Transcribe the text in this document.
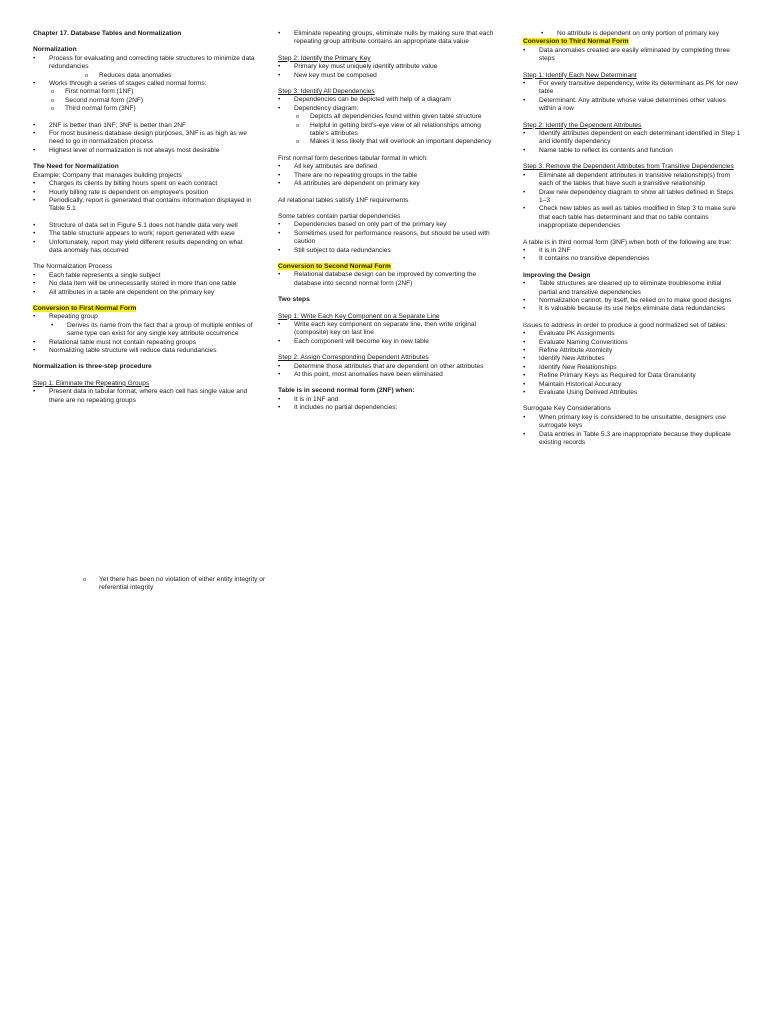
Chapter 17. Database Tables and Normalization

Normalization

• Process for evaluating and correcting table structures to minimize data redundancies
o Reduces data anomalies
• Works through a series of stages called normal forms:
o First normal form (1NF)
o Second normal form (2NF)
o Third normal form (3NF)
• 2NF is better than 1NF; 3NF is better than 2NF
• For most business database design purposes, 3NF is as high as we need to go in normalization process
• Highest level of normalization is not always most desirable

The Need for Normalization

Example: Company that manages building projects

• Charges its clients by billing hours spent on each contract
• Hourly billing rate is dependent on employee's position
• Periodically, report is generated that contains information displayed in Table 5.1
• Structure of data set in Figure 5.1 does not handle data very well
• The table structure appears to work; report generated with ease
• Unfortunately, report may yield different results depending on what data anomaly has occurred

The Normalization Process

• Each table represents a single subject
• No data item will be unnecessarily stored in more than one table
• All attributes in a table are dependent on the primary key

Conversion to First Normal Form

• Repeating group
• Derives its name from the fact that a group of multiple entries of same type can exist for any single key attribute occurrence
• Relational table must not contain repeating groups
• Normalizing table structure will reduce data redundancies

Normalization is three-step procedure

Step 1: Eliminate the Repeating Groups

• Present data in tabular format, where each cell has single value and there are no repeating groups
o Yet there has been no violation of either entity integrity or referential integrity
• Eliminate repeating groups, eliminate nulls by making sure that each repeating group attribute contains an appropriate data value

Step 2: Identify the Primary Key

• Primary key must uniquely identify attribute value
• New key must be composed

Step 3: Identify All Dependencies

• Dependencies can be depicted with help of a diagram
• Dependency diagram:
o Depicts all dependencies found within given table structure
o Helpful in getting bird's-eye view of all relationships among table's attributes
o Makes it less likely that will overlook an important dependency

First normal form describes tabular format in which:

• All key attributes are defined
• There are no repeating groups in the table
• All attributes are dependent on primary key

All relational tables satisfy 1NF requirements

Some tables contain partial dependencies

• Dependencies based on only part of the primary key
• Sometimes used for performance reasons, but should be used with caution
• Still subject to data redundancies

Conversion to Second Normal Form

• Relational database design can be improved by converting the database into second normal form (2NF)

Two steps

Step 1: Write Each Key Component on a Separate Line

• Write each key component on separate line, then write original (composite) key on last line
• Each component will become key in new table

Step 2: Assign Corresponding Dependent Attributes

• Determine those attributes that are dependent on other attributes
• At this point, most anomalies have been eliminated

Table is in second normal form (2NF) when:

• It is in 1NF and
• It includes no partial dependencies:
• No attribute is dependent on only portion of primary key

Conversion to Third Normal Form

• Data anomalies created are easily eliminated by completing three steps

Step 1: Identify Each New Determinant

• For every transitive dependency, write its determinant as PK for new table
• Determinant. Any attribute whose value determines other values within a row

Step 2: Identify the Dependent Attributes

• Identify attributes dependent on each determinant identified in Step 1 and identify dependency
• Name table to reflect its contents and function

Step 3: Remove the Dependent Attributes from Transitive Dependencies

• Eliminate all dependent attributes in transitive relationship(s) from each of the tables that have such a transitive relationship
• Draw new dependency diagram to show all tables defined in Steps 1–3
• Check new tables as well as tables modified in Step 3 to make sure that each table has determinant and that no table contains inappropriate dependencies

A table is in third normal form (3NF) when both of the following are true:

• It is in 2NF
• It contains no transitive dependencies

Improving the Design

• Table structures are cleaned up to eliminate troublesome initial partial and transitive dependencies
• Normalization cannot, by itself, be relied on to make good designs
• It is valuable because its use helps eliminate data redundancies

Issues to address in order to produce a good normalized set of tables:

• Evaluate PK Assignments
• Evaluate Naming Conventions
• Refine Attribute Atomicity
• Identify New Attributes
• Identify New Relationships
• Refine Primary Keys as Required for Data Granularity
• Maintain Historical Accuracy
• Evaluate Using Derived Attributes

Surrogate Key Considerations

• When primary key is considered to be unsuitable, designers use surrogate keys
• Data entries in Table 5.3 are inappropriate because they duplicate existing records
